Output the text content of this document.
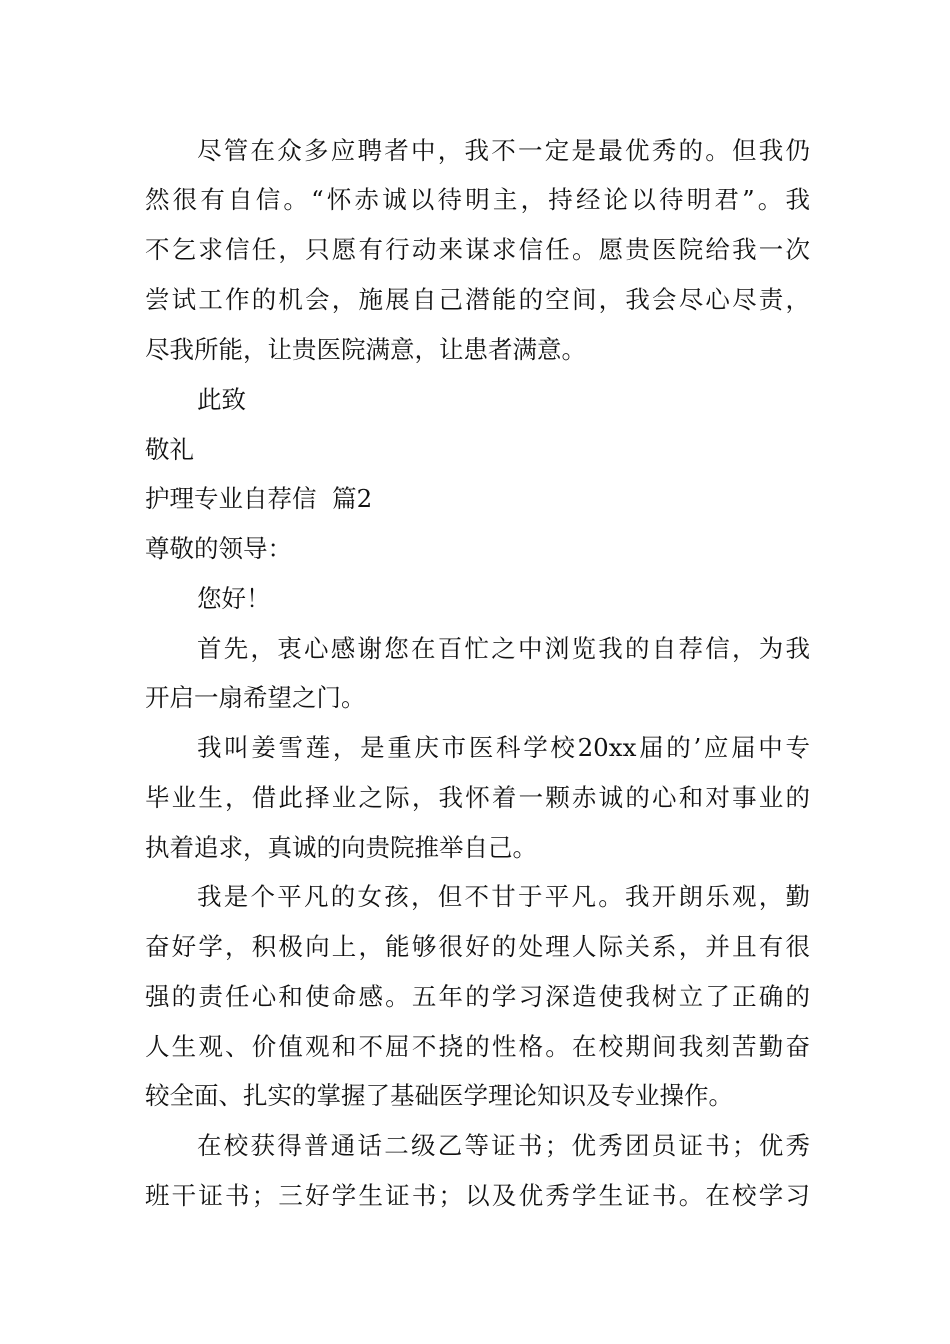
尽管在众多应聘者中，我不一定是最优秀的。但我仍
然很有自信。“怀赤诚以待明主，持经论以待明君”。我
不乞求信任，只愿有行动来谋求信任。愿贵医院给我一次
尝试工作的机会，施展自己潜能的空间，我会尽心尽责，
尽我所能，让贵医院满意，让患者满意。
此致
敬礼
护理专业自荐信  篇2
尊敬的领导：
您好！
首先，衷心感谢您在百忙之中浏览我的自荐信，为我
开启一扇希望之门。
我叫姜雪莲，是重庆市医科学校20xx届的’应届中专
毕业生，借此择业之际，我怀着一颗赤诚的心和对事业的
执着追求，真诚的向贵院推举自己。
我是个平凡的女孩，但不甘于平凡。我开朗乐观，勤
奋好学，积极向上，能够很好的处理人际关系，并且有很
强的责任心和使命感。五年的学习深造使我树立了正确的
人生观、价值观和不屈不挠的性格。在校期间我刻苦勤奋
较全面、扎实的掌握了基础医学理论知识及专业操作。
在校获得普通话二级乙等证书；优秀团员证书；优秀
班干证书；三好学生证书；以及优秀学生证书。在校学习
